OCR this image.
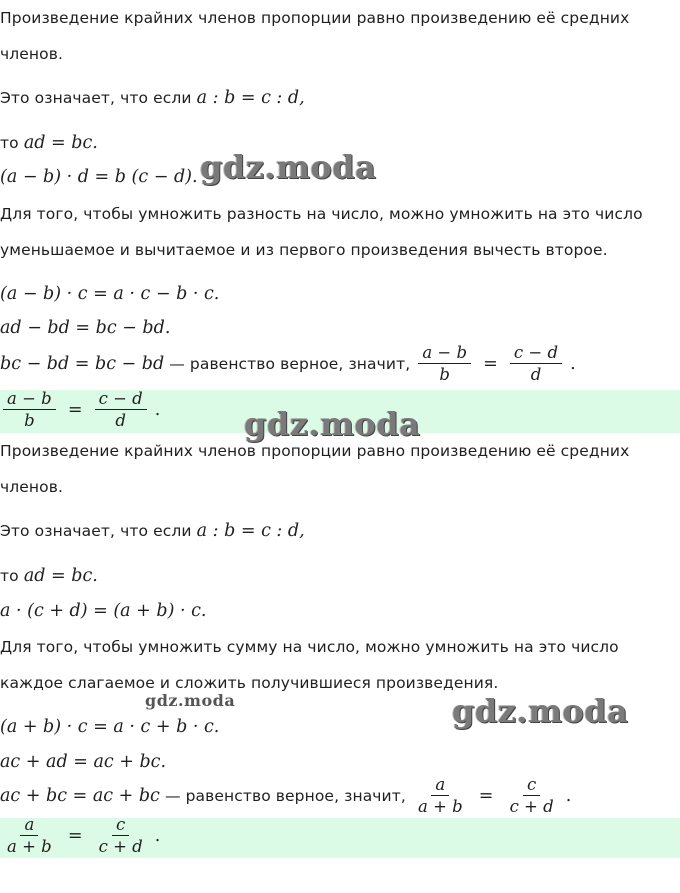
Произведение крайних членов пропорции равно произведению её средних
членов.
Это означает, что если a : b = c : d,
то ad = bc.
(a − b) · d = b (c − d).
Для того, чтобы умножить разность на число, можно умножить на это число
уменьшаемое и вычитаемое и из первого произведения вычесть второе.
(a − b) · c = a · c − b · c.
ad − bd = bc − bd.
bc − bd = bc − bd — равенство верное, значит, $\frac{a - b}{b} = \frac{c - d}{d}$ .
$\frac{a - b}{b} = \frac{c - d}{d}$ .
Произведение крайних членов пропорции равно произведению её средних
членов.
Это означает, что если a : b = c : d,
то ad = bc.
a · (c + d) = (a + b) · c.
Для того, чтобы умножить сумму на число, можно умножить на это число
каждое слагаемое и сложить получившиеся произведения.
(a + b) · c = a · c + b · c.
ac + ad = ac + bc.
ac + bc = ac + bc — равенство верное, значит, $\frac{a}{a + b} = \frac{c}{c + d}$ .
$\frac{a}{a + b} = \frac{c}{c + d}$ .
gdz.moda
gdz.moda
gdz.moda
gdz.moda
